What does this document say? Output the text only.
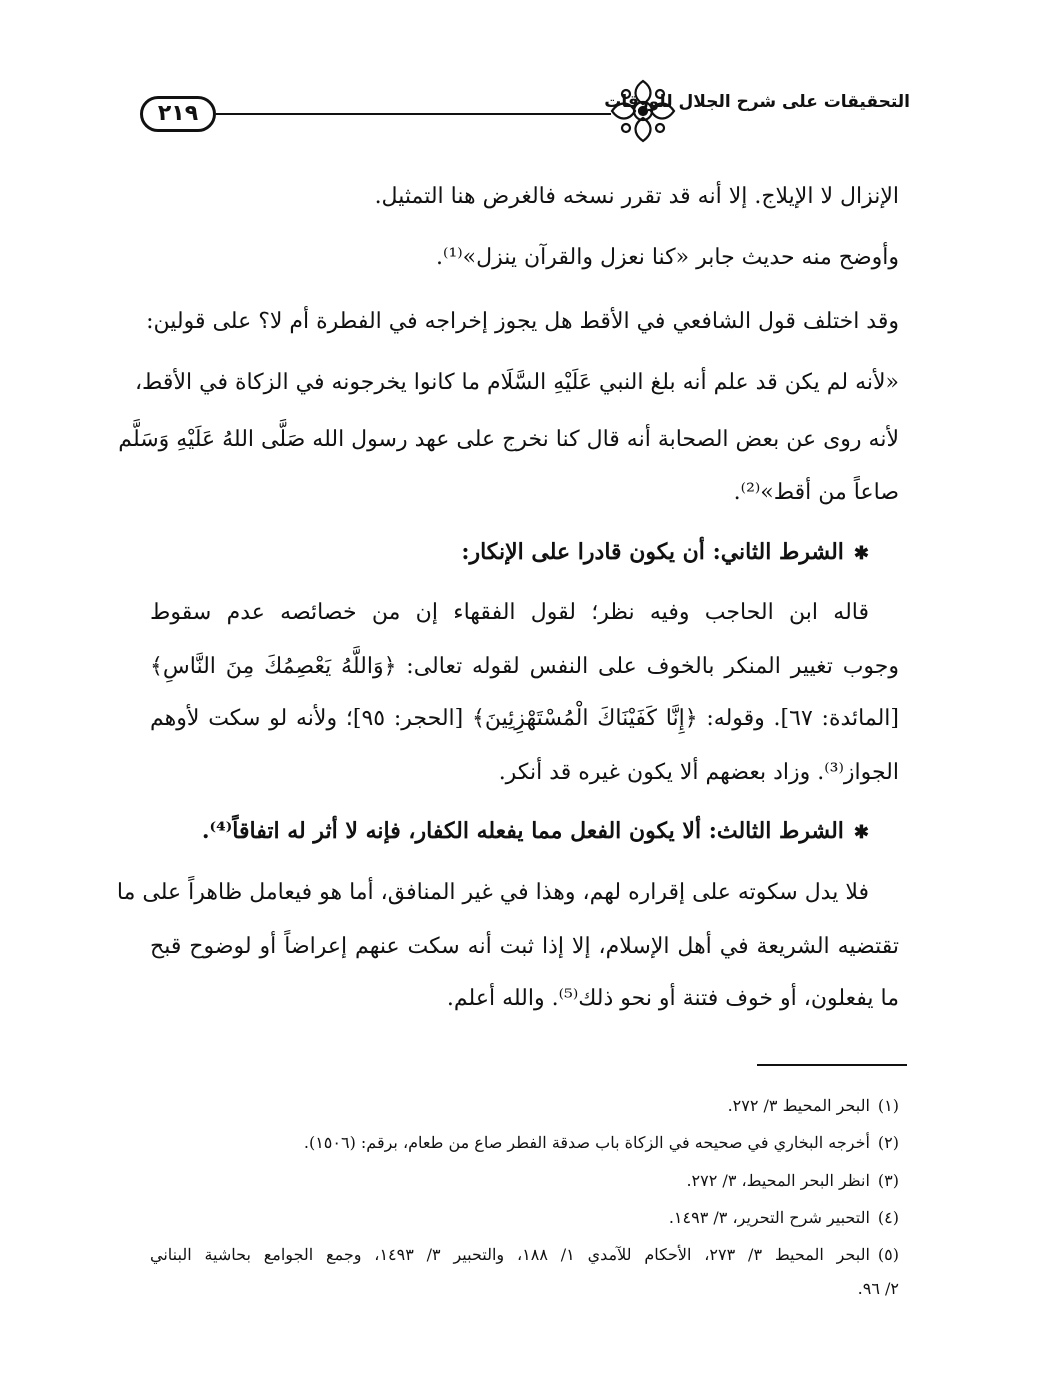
٢١٩	التحقيقات على شرح الجلال للورقات
الإنزال لا الإيلاج. إلا أنه قد تقرر نسخه فالغرض هنا التمثيل.
وأوضح منه حديث جابر «كنا نعزل والقرآن ينزل»⁽¹⁾.
وقد اختلف قول الشافعي في الأقط هل يجوز إخراجه في الفطرة أم لا؟ على قولين:
«لأنه لم يكن قد علم أنه بلغ النبي عَلَيْهِ السَّلَام ما كانوا يخرجونه في الزكاة في الأقط،
لأنه روى عن بعض الصحابة أنه قال كنا نخرج على عهد رسول الله صَلَّى اللهُ عَلَيْهِ وَسَلَّم
صاعاً من أقط»⁽²⁾.
✱الشرط الثاني: أن يكون قادرا على الإنكار:
قاله ابن الحاجب وفيه نظر؛ لقول الفقهاء إن من خصائصه عدم سقوط
وجوب تغيير المنكر بالخوف على النفس لقوله تعالى: ﴿وَاللَّهُ يَعْصِمُكَ مِنَ النَّاسِ﴾
[المائدة: ٦٧]. وقوله: ﴿إِنَّا كَفَيْنَاكَ الْمُسْتَهْزِئِينَ﴾ [الحجر: ٩٥]؛ ولأنه لو سكت لأوهم
الجواز⁽³⁾. وزاد بعضهم ألا يكون غيره قد أنكر.
✱الشرط الثالث: ألا يكون الفعل مما يفعله الكفار، فإنه لا أثر له اتفاقاً⁽⁴⁾.
فلا يدل سكوته على إقراره لهم، وهذا في غير المنافق، أما هو فيعامل ظاهراً على ما
تقتضيه الشريعة في أهل الإسلام، إلا إذا ثبت أنه سكت عنهم إعراضاً أو لوضوح قبح
ما يفعلون، أو خوف فتنة أو نحو ذلك⁽⁵⁾. والله أعلم.
(١)البحر المحيط ٣/ ٢٧٢.
(٢)أخرجه البخاري في صحيحه في الزكاة باب صدقة الفطر صاع من طعام، برقم: (١٥٠٦).
(٣)انظر البحر المحيط، ٣/ ٢٧٢.
(٤)التحبير شرح التحرير، ٣/ ١٤٩٣.
(٥)البحر المحيط ٣/ ٢٧٣، الأحكام للآمدي ١/ ١٨٨، والتحبير ٣/ ١٤٩٣، وجمع الجوامع بحاشية البناني
٢/ ٩٦.
